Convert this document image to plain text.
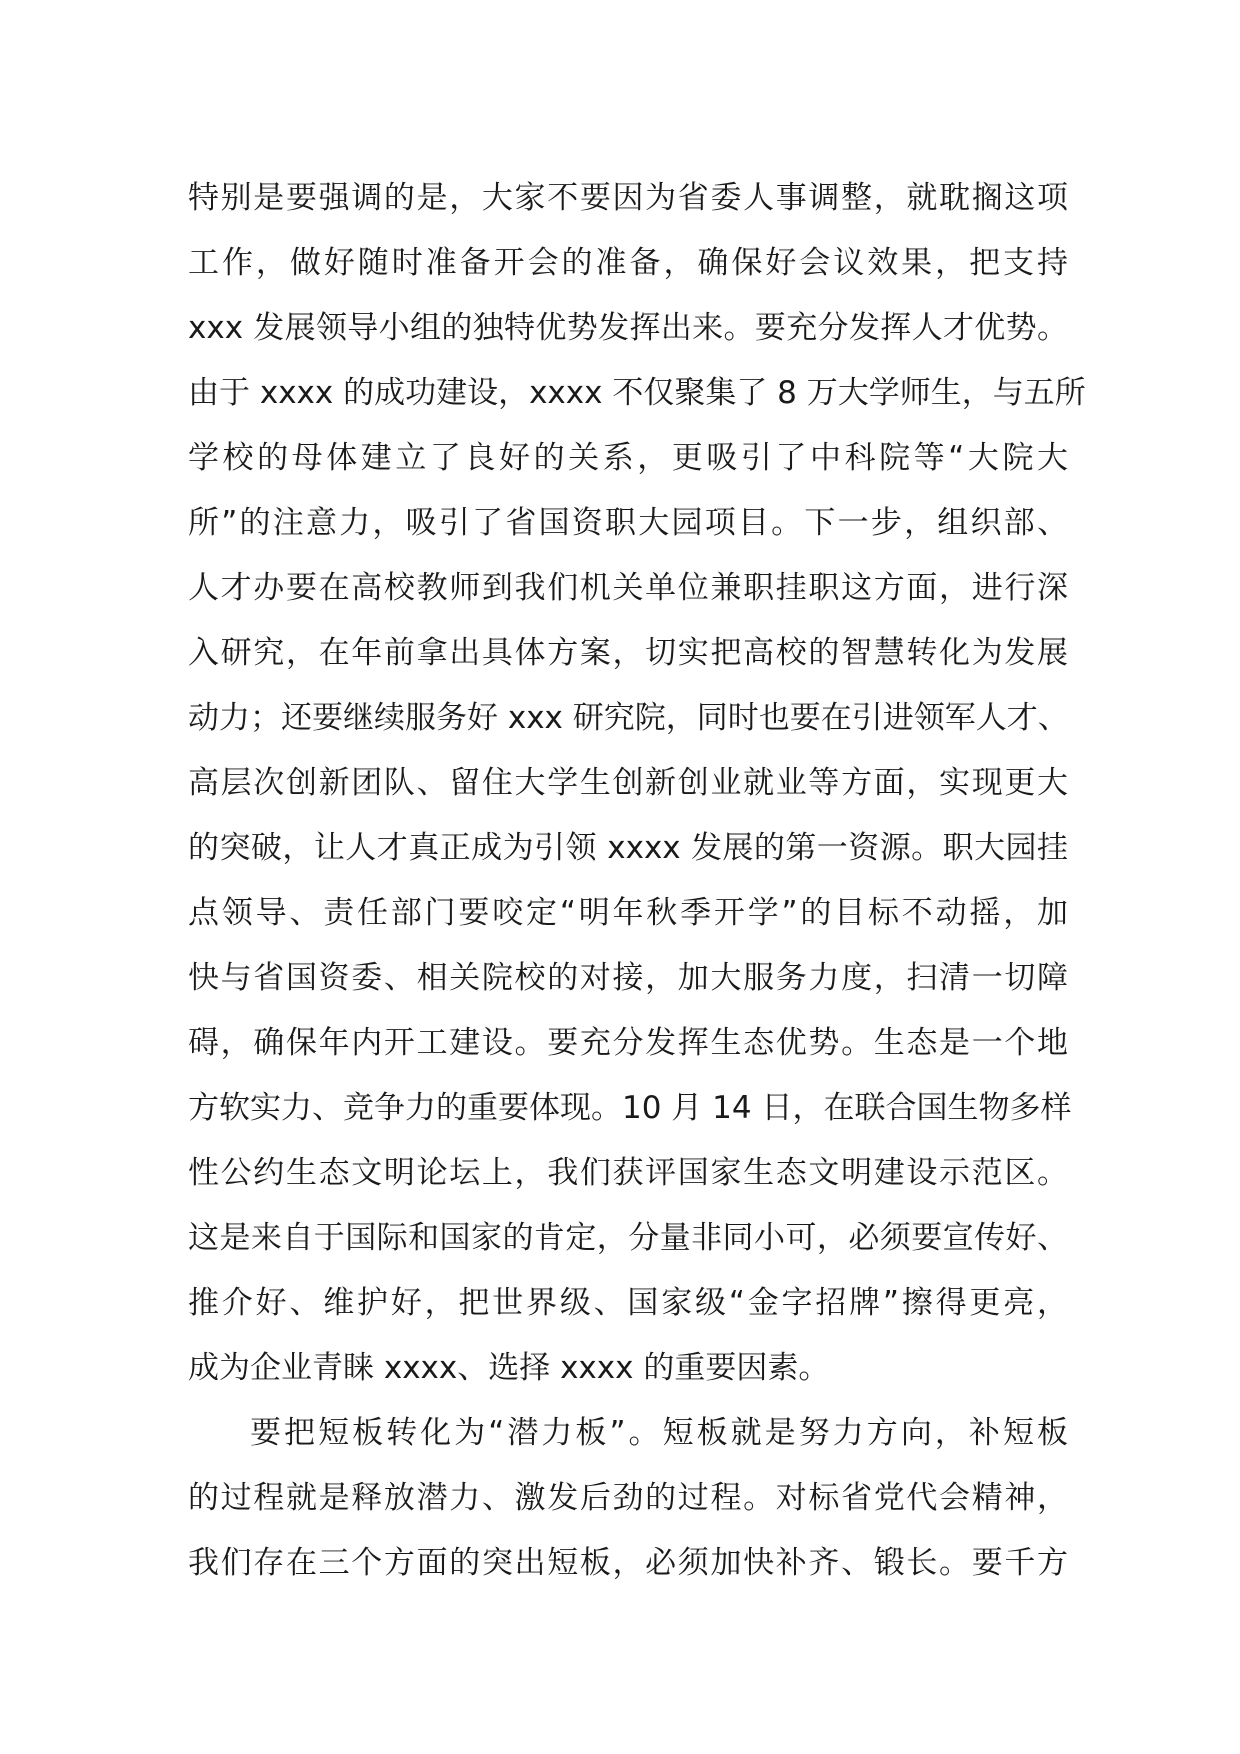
特别是要强调的是，大家不要因为省委人事调整，就耽搁这项
工作，做好随时准备开会的准备，确保好会议效果，把支持
xxx 发展领导小组的独特优势发挥出来。要充分发挥人才优势。
由于 xxxx 的成功建设，xxxx 不仅聚集了 8 万大学师生，与五所
学校的母体建立了良好的关系，更吸引了中科院等“大院大
所”的注意力，吸引了省国资职大园项目。下一步，组织部、
人才办要在高校教师到我们机关单位兼职挂职这方面，进行深
入研究，在年前拿出具体方案，切实把高校的智慧转化为发展
动力；还要继续服务好 xxx 研究院，同时也要在引进领军人才、
高层次创新团队、留住大学生创新创业就业等方面，实现更大
的突破，让人才真正成为引领 xxxx 发展的第一资源。职大园挂
点领导、责任部门要咬定“明年秋季开学”的目标不动摇，加
快与省国资委、相关院校的对接，加大服务力度，扫清一切障
碍，确保年内开工建设。要充分发挥生态优势。生态是一个地
方软实力、竞争力的重要体现。10 月 14 日，在联合国生物多样
性公约生态文明论坛上，我们获评国家生态文明建设示范区。
这是来自于国际和国家的肯定，分量非同小可，必须要宣传好、
推介好、维护好，把世界级、国家级“金字招牌”擦得更亮，
成为企业青睐 xxxx、选择 xxxx 的重要因素。
要把短板转化为“潜力板”。短板就是努力方向，补短板
的过程就是释放潜力、激发后劲的过程。对标省党代会精神，
我们存在三个方面的突出短板，必须加快补齐、锻长。要千方
